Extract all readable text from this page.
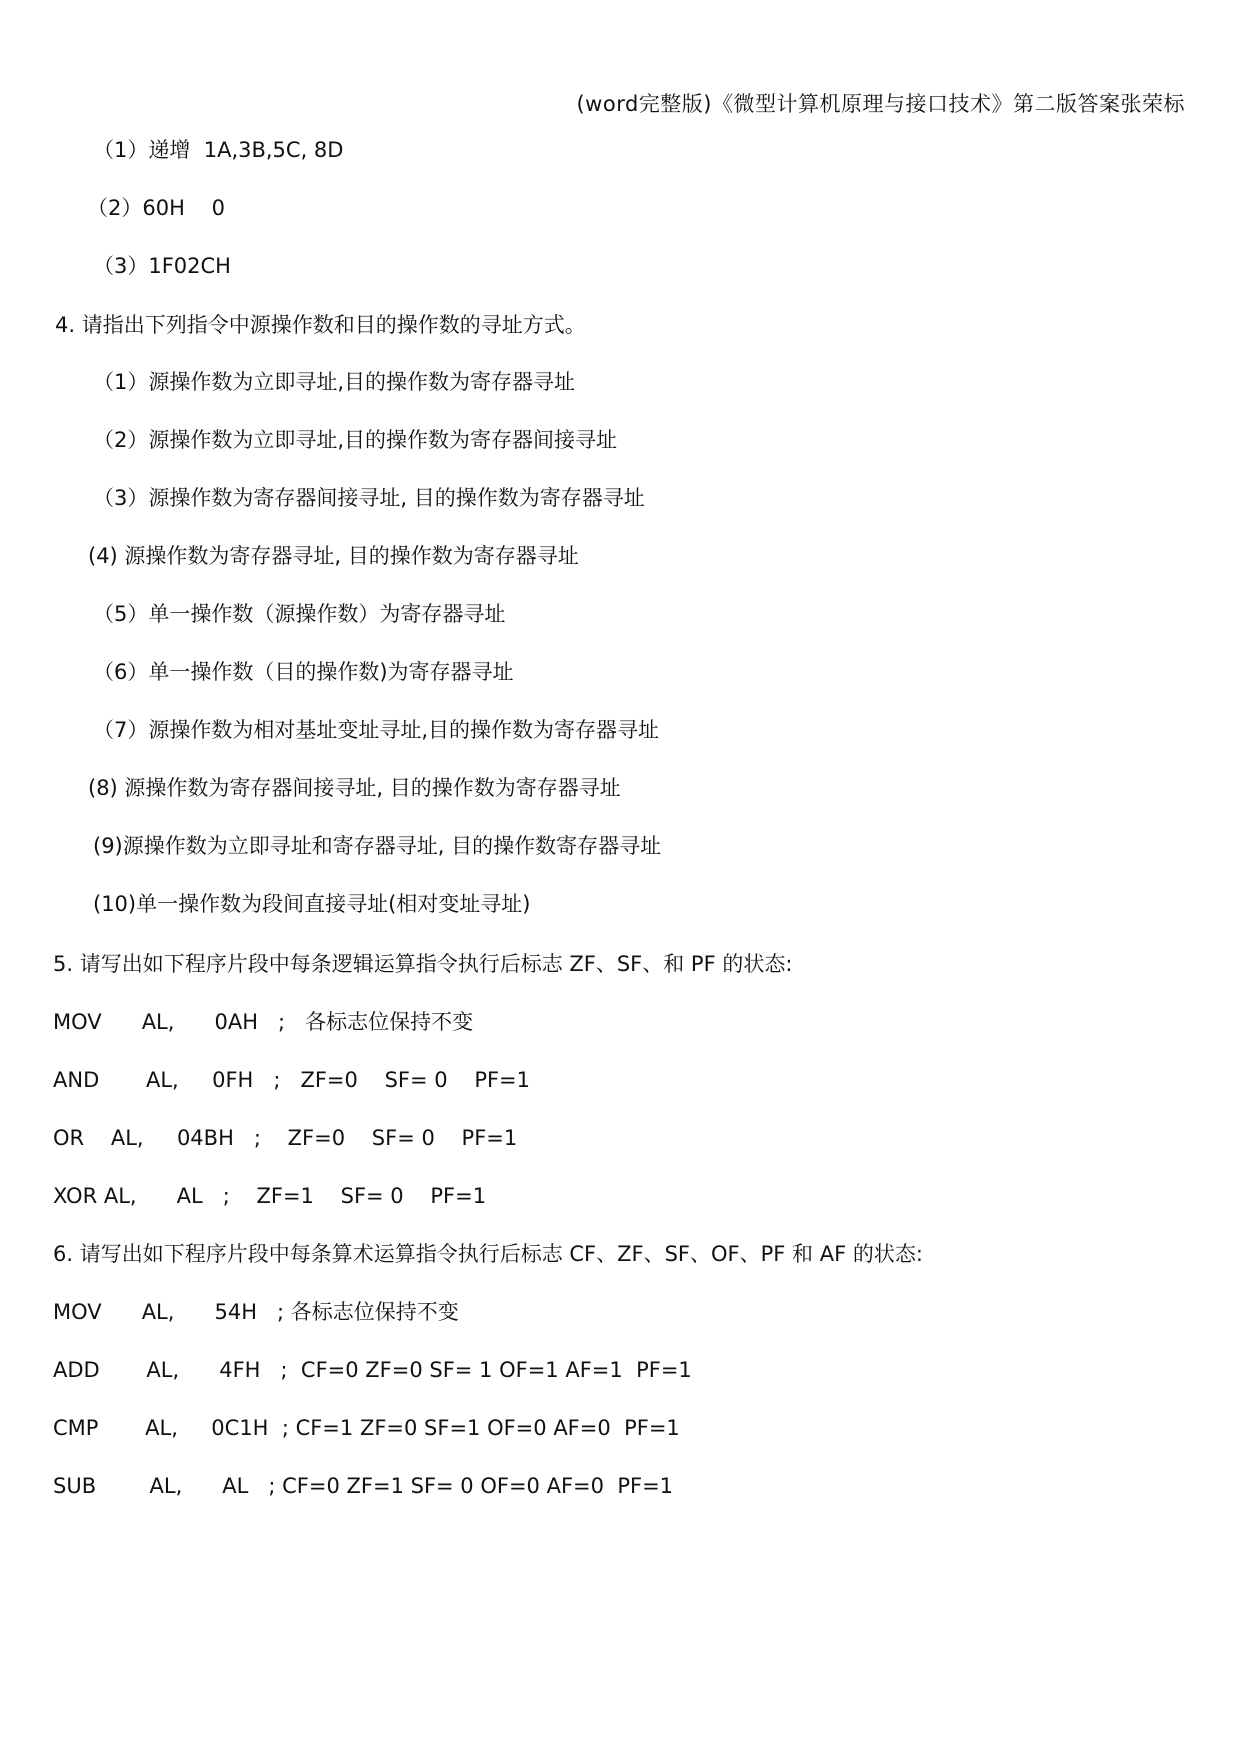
(word完整版)《微型计算机原理与接口技术》第二版答案张荣标
（1）递增  1A,3B,5C, 8D
（2）60H    0
（3）1F02CH
4. 请指出下列指令中源操作数和目的操作数的寻址方式。
（1）源操作数为立即寻址,目的操作数为寄存器寻址
（2）源操作数为立即寻址,目的操作数为寄存器间接寻址
（3）源操作数为寄存器间接寻址, 目的操作数为寄存器寻址
(4) 源操作数为寄存器寻址, 目的操作数为寄存器寻址
（5）单一操作数（源操作数）为寄存器寻址
（6）单一操作数（目的操作数)为寄存器寻址
（7）源操作数为相对基址变址寻址,目的操作数为寄存器寻址
(8) 源操作数为寄存器间接寻址, 目的操作数为寄存器寻址
(9)源操作数为立即寻址和寄存器寻址, 目的操作数寄存器寻址
(10)单一操作数为段间直接寻址(相对变址寻址)
5. 请写出如下程序片段中每条逻辑运算指令执行后标志 ZF、SF、和 PF 的状态:
MOV      AL,      0AH   ;   各标志位保持不变
AND       AL,     0FH   ;   ZF=0    SF= 0    PF=1
OR    AL,     04BH   ;    ZF=0    SF= 0    PF=1
XOR AL,      AL   ;    ZF=1    SF= 0    PF=1
6. 请写出如下程序片段中每条算术运算指令执行后标志 CF、ZF、SF、OF、PF 和 AF 的状态:
MOV      AL,      54H   ; 各标志位保持不变
ADD       AL,      4FH   ;  CF=0 ZF=0 SF= 1 OF=1 AF=1  PF=1
CMP       AL,     0C1H  ; CF=1 ZF=0 SF=1 OF=0 AF=0  PF=1
SUB        AL,      AL   ; CF=0 ZF=1 SF= 0 OF=0 AF=0  PF=1
